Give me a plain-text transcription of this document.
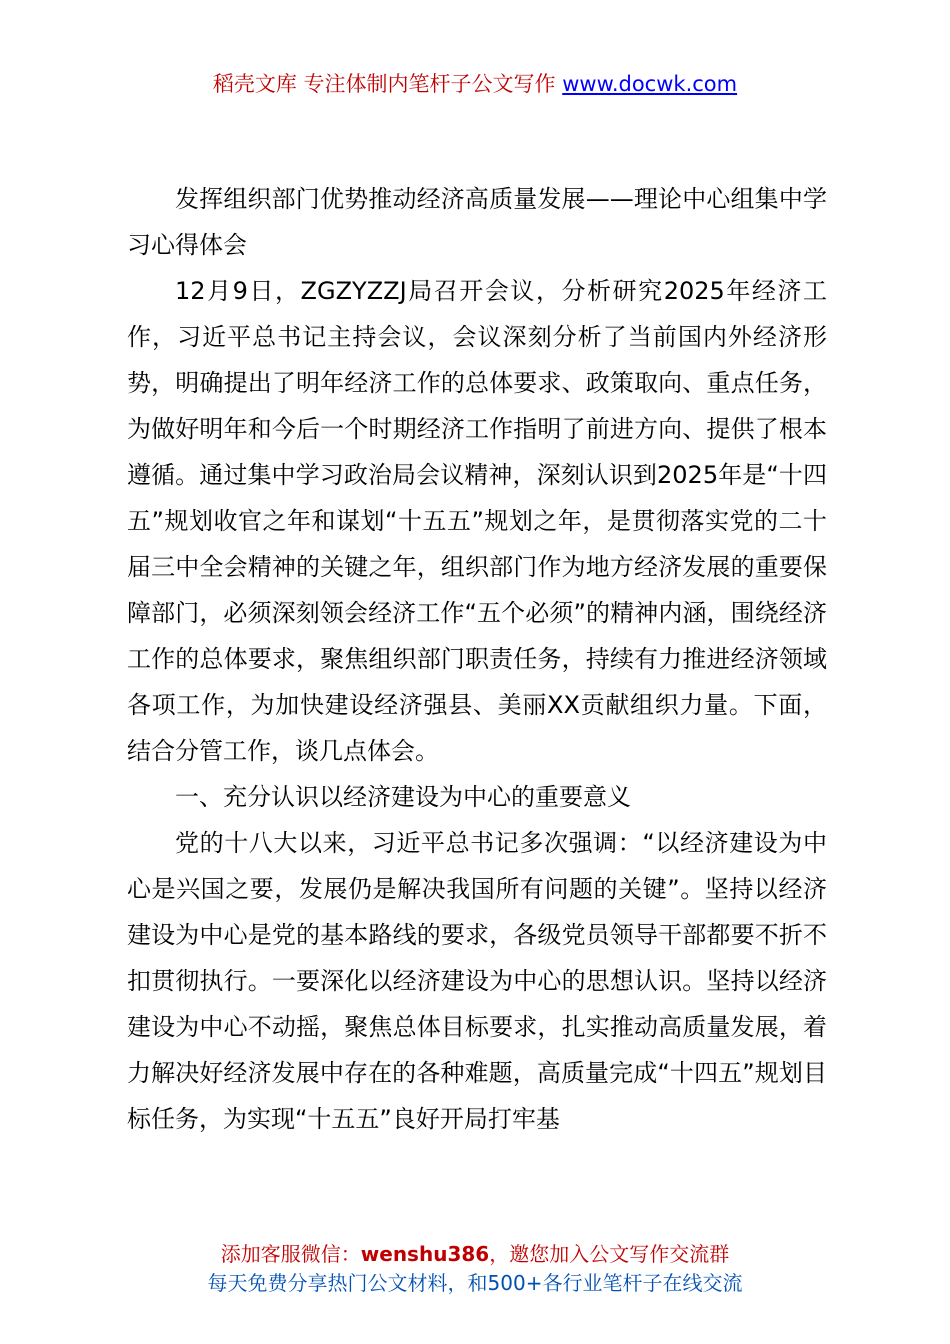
稻壳文库 专注体制内笔杆子公文写作 www.docwk.com

发挥组织部门优势推动经济高质量发展——理论中心组集中学习心得体会

12月9日，ZGZYZZJ局召开会议，分析研究2025年经济工作，习近平总书记主持会议，会议深刻分析了当前国内外经济形势，明确提出了明年经济工作的总体要求、政策取向、重点任务，为做好明年和今后一个时期经济工作指明了前进方向、提供了根本遵循。通过集中学习政治局会议精神，深刻认识到2025年是“十四五”规划收官之年和谋划“十五五”规划之年，是贯彻落实党的二十届三中全会精神的关键之年，组织部门作为地方经济发展的重要保障部门，必须深刻领会经济工作“五个必须”的精神内涵，围绕经济工作的总体要求，聚焦组织部门职责任务，持续有力推进经济领域各项工作，为加快建设经济强县、美丽XX贡献组织力量。下面，结合分管工作，谈几点体会。

一、充分认识以经济建设为中心的重要意义

党的十八大以来，习近平总书记多次强调：“以经济建设为中心是兴国之要，发展仍是解决我国所有问题的关键”。坚持以经济建设为中心是党的基本路线的要求，各级党员领导干部都要不折不扣贯彻执行。一要深化以经济建设为中心的思想认识。坚持以经济建设为中心不动摇，聚焦总体目标要求，扎实推动高质量发展，着力解决好经济发展中存在的各种难题，高质量完成“十四五”规划目标任务，为实现“十五五”良好开局打牢基

添加客服微信：wenshu386，邀您加入公文写作交流群
每天免费分享热门公文材料，和500+各行业笔杆子在线交流
